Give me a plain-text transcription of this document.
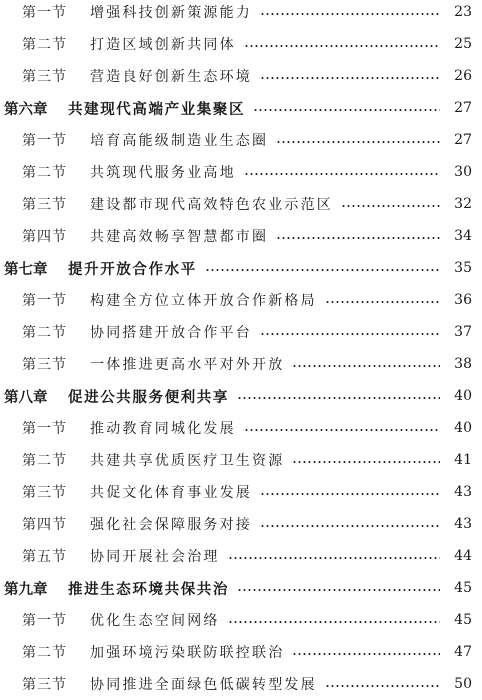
第一节	增强科技创新策源能力	23
第二节	打造区域创新共同体	25
第三节	营造良好创新生态环境	26
第六章	共建现代高端产业集聚区	27
第一节	培育高能级制造业生态圈	27
第二节	共筑现代服务业高地	30
第三节	建设都市现代高效特色农业示范区	32
第四节	共建高效畅享智慧都市圈	34
第七章	提升开放合作水平	35
第一节	构建全方位立体开放合作新格局	36
第二节	协同搭建开放合作平台	37
第三节	一体推进更高水平对外开放	38
第八章	促进公共服务便利共享	40
第一节	推动教育同城化发展	40
第二节	共建共享优质医疗卫生资源	41
第三节	共促文化体育事业发展	43
第四节	强化社会保障服务对接	43
第五节	协同开展社会治理	44
第九章	推进生态环境共保共治	45
第一节	优化生态空间网络	45
第二节	加强环境污染联防联控联治	47
第三节	协同推进全面绿色低碳转型发展	50
